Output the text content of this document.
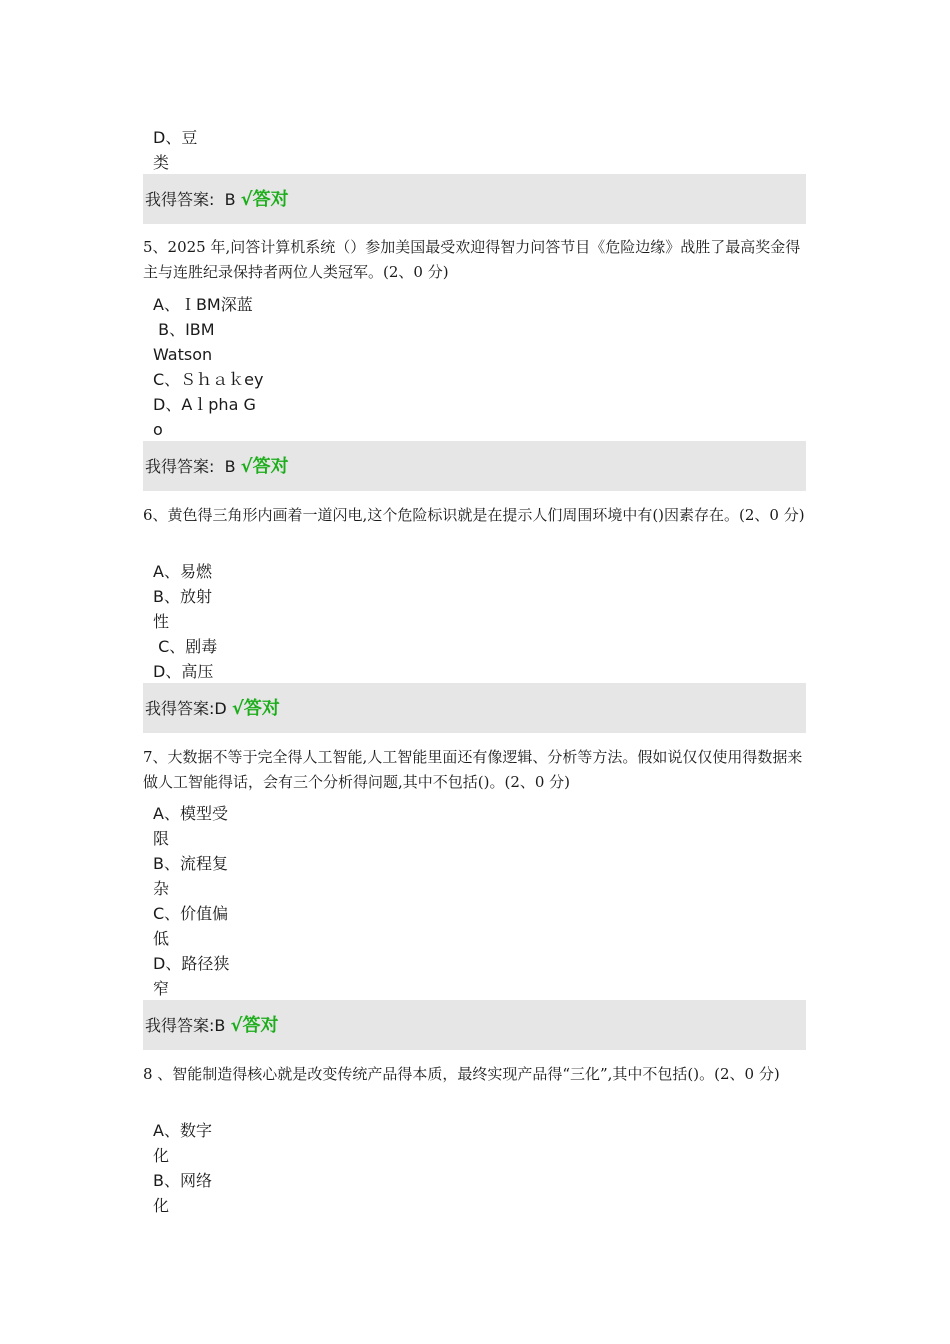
D、豆
类
我得答案:  B √答对
5、2025 年,问答计算机系统（）参加美国最受欢迎得智力问答节目《危险边缘》战胜了最高奖金得主与连胜纪录保持者两位人类冠军。(2、0 分)
A、ＩBM深蓝
B、IBM
Watson
C、Ｓｈａｋey
D、Aｌpha G
o
我得答案:  B √答对
6、黄色得三角形内画着一道闪电,这个危险标识就是在提示人们周围环境中有()因素存在。(2、0 分)
A、易燃
B、放射
性
C、剧毒
D、高压
我得答案:D √答对
7、大数据不等于完全得人工智能,人工智能里面还有像逻辑、分析等方法。假如说仅仅使用得数据来做人工智能得话，会有三个分析得问题,其中不包括()。(2、0 分)
A、模型受
限
B、流程复
杂
C、价值偏
低
D、路径狭
窄
我得答案:B √答对
8 、智能制造得核心就是改变传统产品得本质，最终实现产品得“三化”,其中不包括()。(2、0 分)
A、数字
化
B、网络
化
